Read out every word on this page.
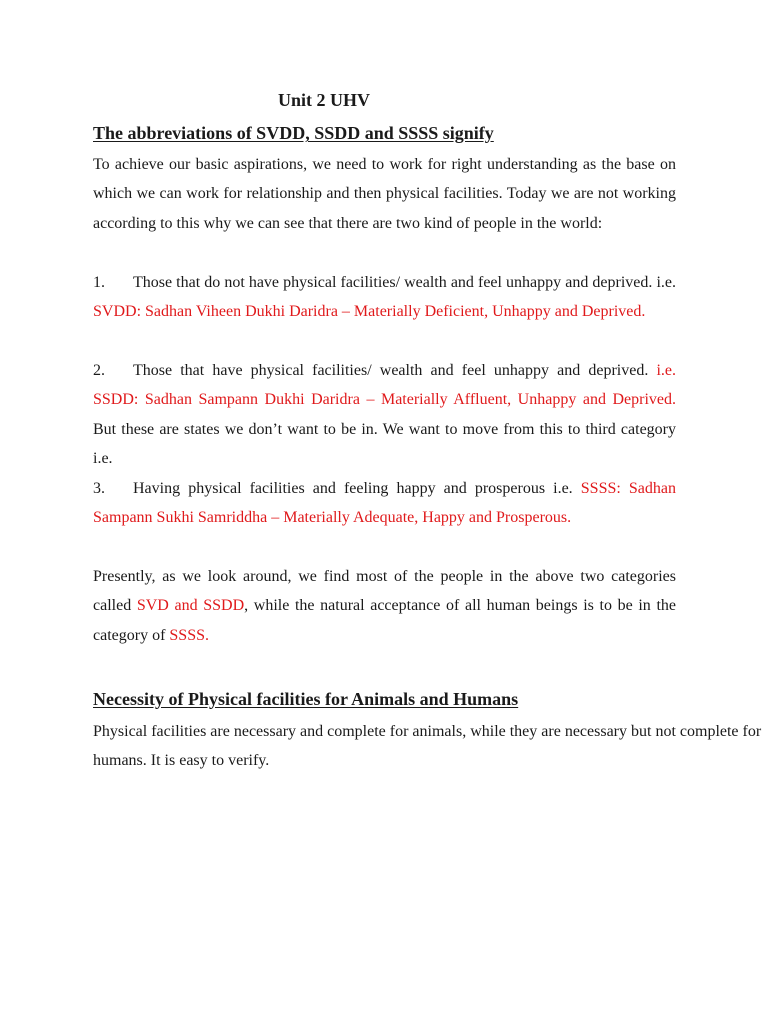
Unit 2 UHV
The abbreviations of SVDD, SSDD and SSSS signify

To achieve our basic aspirations, we need to work for right understanding as the base on which we can work for relationship and then physical facilities. Today we are not working according to this why we can see that there are two kind of people in the world:

1. Those that do not have physical facilities/ wealth and feel unhappy and deprived. i.e. SVDD: Sadhan Viheen Dukhi Daridra – Materially Deficient, Unhappy and Deprived.

2. Those that have physical facilities/ wealth and feel unhappy and deprived. i.e. SSDD: Sadhan Sampann Dukhi Daridra – Materially Affluent, Unhappy and Deprived. But these are states we don’t want to be in. We want to move from this to third category i.e.

3. Having physical facilities and feeling happy and prosperous i.e. SSSS: Sadhan Sampann Sukhi Samriddha – Materially Adequate, Happy and Prosperous.

Presently, as we look around, we find most of the people in the above two categories called SVD and SSDD, while the natural acceptance of all human beings is to be in the category of SSSS.

Necessity of Physical facilities for Animals and Humans

Physical facilities are necessary and complete for animals, while they are necessary but not complete for humans. It is easy to verify.
